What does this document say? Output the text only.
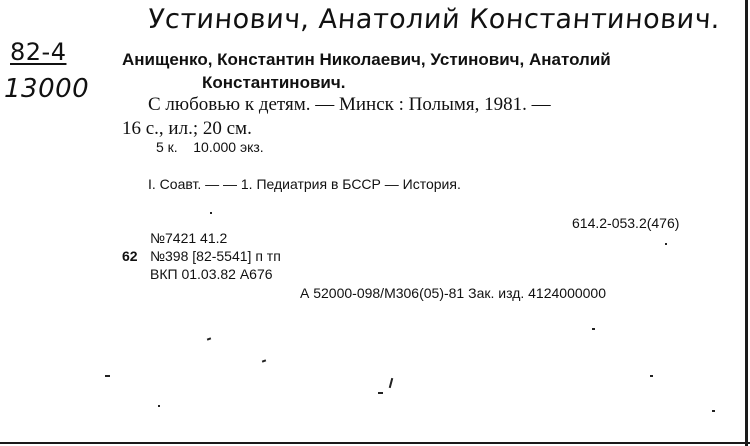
Устинович, Анатолий Константинович.
82-4
13000
Анищенко, Константин Николаевич, Устинович, Анатолий
Константинович.
С любовью к детям. — Минск : Полымя, 1981. —
16 с., ил.; 20 см.
5 к.    10.000 экз.
I. Соавт. — — 1. Педиатрия в БССР — История.
614.2-053.2(476)
№7421 41.2
62 №398 [82-5541] п тп
ВКП 01.03.82 А676
А 52000-098/М306(05)-81 Зак. изд. 4124000000
